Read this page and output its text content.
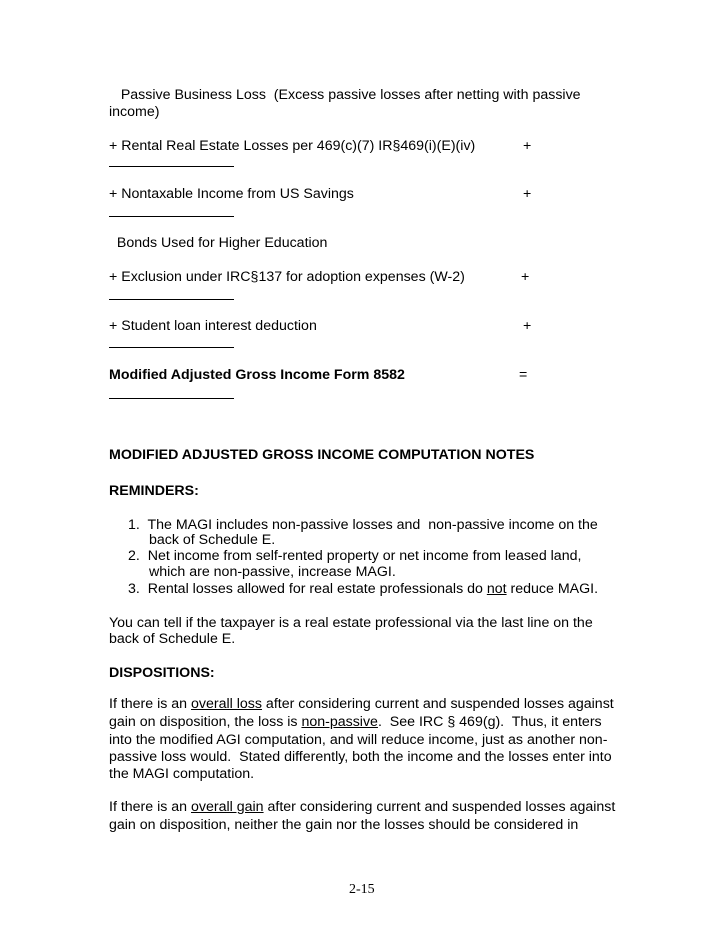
Passive Business Loss  (Excess passive losses after netting with passive
income)
+ Rental Real Estate Losses per 469(c)(7) IR§469(i)(E)(iv)	+
+ Nontaxable Income from US Savings	+
Bonds Used for Higher Education
+ Exclusion under IRC§137 for adoption expenses (W-2)	+
+ Student loan interest deduction	+
Modified Adjusted Gross Income Form 8582	=
MODIFIED ADJUSTED GROSS INCOME COMPUTATION NOTES
REMINDERS:
1.  The MAGI includes non-passive losses and  non-passive income on the
back of Schedule E.
2.  Net income from self-rented property or net income from leased land,
which are non-passive, increase MAGI.
3.  Rental losses allowed for real estate professionals do not reduce MAGI.
You can tell if the taxpayer is a real estate professional via the last line on the
back of Schedule E.
DISPOSITIONS:
If there is an overall loss after considering current and suspended losses against
gain on disposition, the loss is non-passive.  See IRC § 469(g).  Thus, it enters
into the modified AGI computation, and will reduce income, just as another non-
passive loss would.  Stated differently, both the income and the losses enter into
the MAGI computation.
If there is an overall gain after considering current and suspended losses against
gain on disposition, neither the gain nor the losses should be considered in
2-15
